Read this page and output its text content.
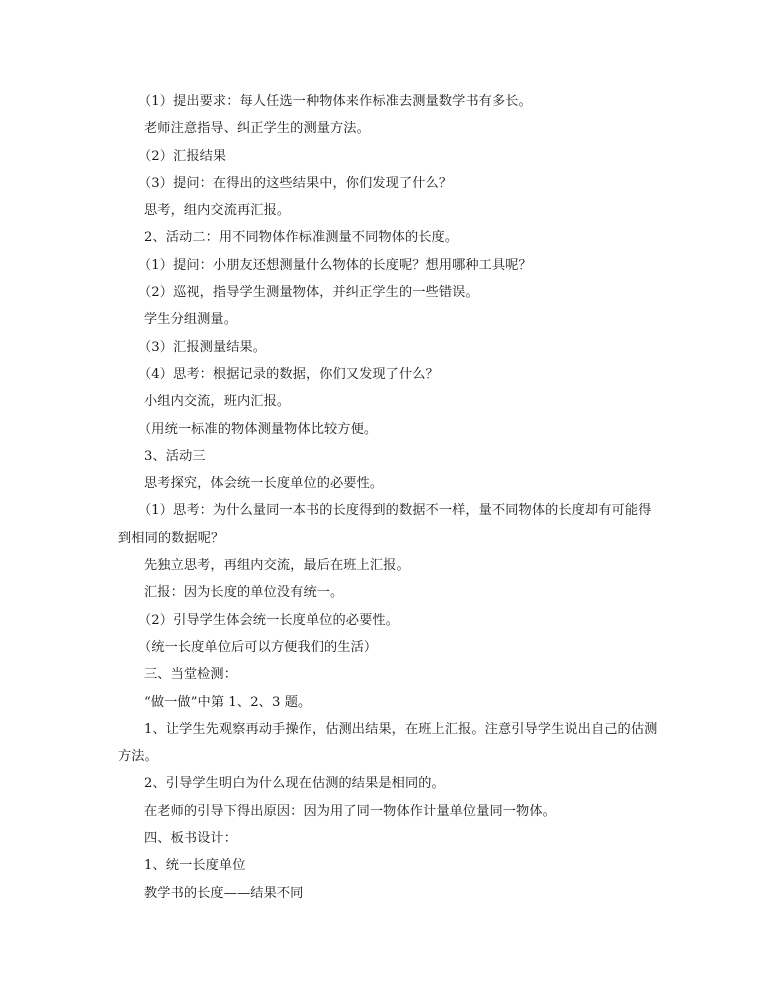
（1）提出要求：每人任选一种物体来作标准去测量数学书有多长。

老师注意指导、纠正学生的测量方法。

（2）汇报结果

（3）提问：在得出的这些结果中，你们发现了什么？

思考，组内交流再汇报。

2、活动二：用不同物体作标准测量不同物体的长度。

（1）提问：小朋友还想测量什么物体的长度呢？想用哪种工具呢？

（2）巡视，指导学生测量物体，并纠正学生的一些错误。

学生分组测量。

（3）汇报测量结果。

（4）思考：根据记录的数据，你们又发现了什么？

小组内交流，班内汇报。

（用统一标准的物体测量物体比较方便。

3、活动三

思考探究，体会统一长度单位的必要性。

（1）思考：为什么量同一本书的长度得到的数据不一样，量不同物体的长度却有可能得到相同的数据呢？

先独立思考，再组内交流，最后在班上汇报。

汇报：因为长度的单位没有统一。

（2）引导学生体会统一长度单位的必要性。

（统一长度单位后可以方便我们的生活）

三、当堂检测：

“做一做”中第 1、2、3 题。

1、让学生先观察再动手操作，估测出结果，在班上汇报。注意引导学生说出自己的估测方法。

2、引导学生明白为什么现在估测的结果是相同的。

在老师的引导下得出原因：因为用了同一物体作计量单位量同一物体。

四、板书设计：

1、统一长度单位

教学书的长度——结果不同
